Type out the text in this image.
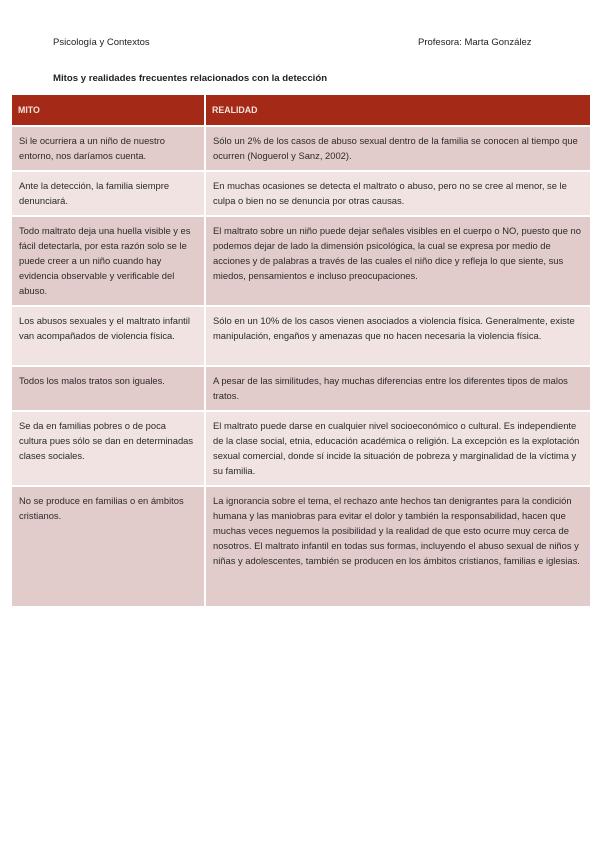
Psicología y Contextos	Profesora: Marta González
Mitos y realidades frecuentes relacionados con la detección
MITO	REALIDAD
Si le ocurriera a un niño de nuestro entorno, nos daríamos cuenta.	Sólo un 2% de los casos de abuso sexual dentro de la familia se conocen al tiempo que ocurren (Noguerol y Sanz, 2002).
Ante la detección, la familia siempre denunciará.	En muchas ocasiones se detecta el maltrato o abuso, pero no se cree al menor, se le culpa o bien no se denuncia por otras causas.
Todo maltrato deja una huella visible y es fácil detectarla, por esta razón solo se le puede creer a un niño cuando hay evidencia observable y verificable del abuso.	El maltrato sobre un niño puede dejar señales visibles en el cuerpo o NO, puesto que no podemos dejar de lado la dimensión psicológica, la cual se expresa por medio de acciones y de palabras a través de las cuales el niño dice y refleja lo que siente, sus miedos, pensamientos e incluso preocupaciones.
Los abusos sexuales y el maltrato infantil van acompañados de violencia física.	Sólo en un 10% de los casos vienen asociados a violencia física. Generalmente, existe manipulación, engaños y amenazas que no hacen necesaria la violencia física.
Todos los malos tratos son iguales.	A pesar de las similitudes, hay muchas diferencias entre los diferentes tipos de malos tratos.
Se da en familias pobres o de poca cultura pues sólo se dan en determinadas clases sociales.	El maltrato puede darse en cualquier nivel socioeconómico o cultural. Es independiente de la clase social, etnia, educación académica o religión. La excepción es la explotación sexual comercial, donde sí incide la situación de pobreza y marginalidad de la víctima y su familia.
No se produce en familias o en ámbitos cristianos.	La ignorancia sobre el tema, el rechazo ante hechos tan denigrantes para la condición humana y las maniobras para evitar el dolor y también la responsabilidad, hacen que muchas veces neguemos la posibilidad y la realidad de que esto ocurre muy cerca de nosotros. El maltrato infantil en todas sus formas, incluyendo el abuso sexual de niños y niñas y adolescentes, también se producen en los ámbitos cristianos, familias e iglesias.
